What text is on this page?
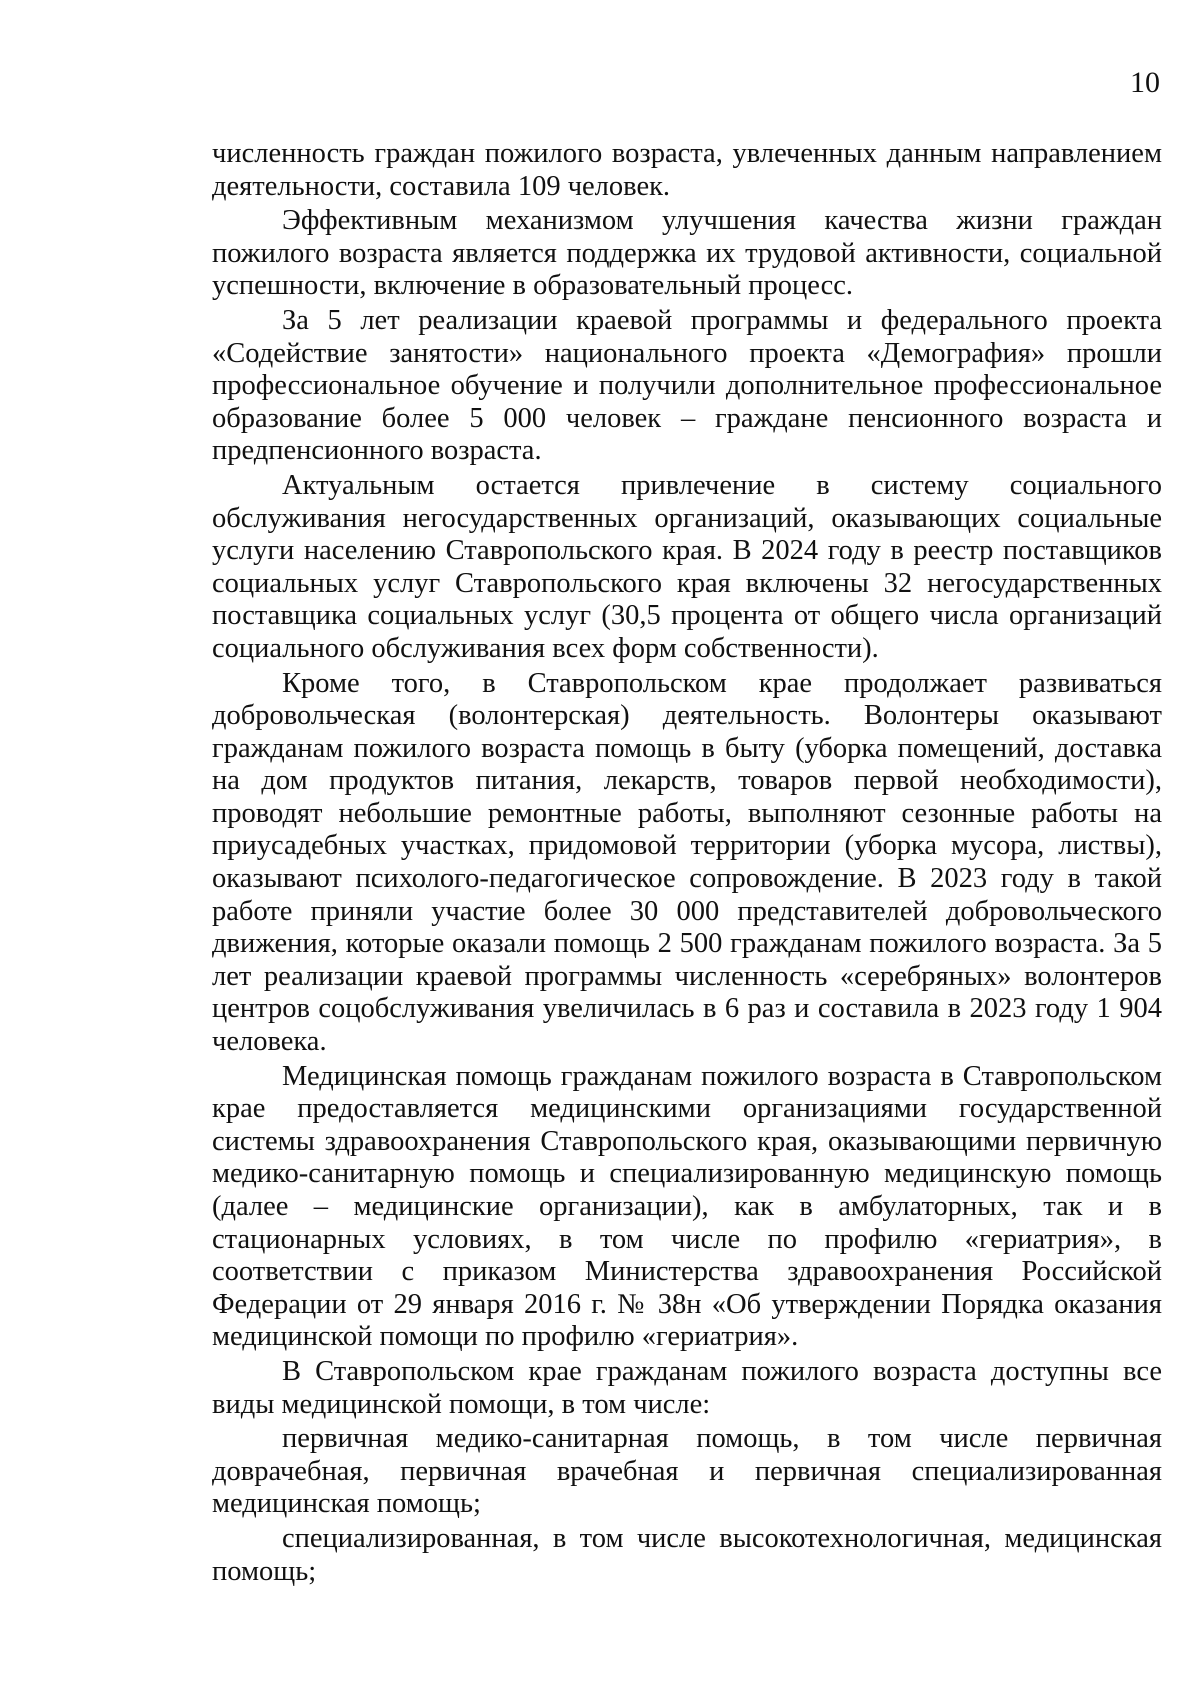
10

численность граждан пожилого возраста, увлеченных данным направлением деятельности, составила 109 человек.

Эффективным механизмом улучшения качества жизни граждан пожилого возраста является поддержка их трудовой активности, социальной успешности, включение в образовательный процесс.

За 5 лет реализации краевой программы и федерального проекта «Содействие занятости» национального проекта «Демография» прошли профессиональное обучение и получили дополнительное профессиональное образование более 5 000 человек – граждане пенсионного возраста и предпенсионного возраста.

Актуальным остается привлечение в систему социального обслуживания негосударственных организаций, оказывающих социальные услуги населению Ставропольского края. В 2024 году в реестр поставщиков социальных услуг Ставропольского края включены 32 негосударственных поставщика социальных услуг (30,5 процента от общего числа организаций социального обслуживания всех форм собственности).

Кроме того, в Ставропольском крае продолжает развиваться добровольческая (волонтерская) деятельность. Волонтеры оказывают гражданам пожилого возраста помощь в быту (уборка помещений, доставка на дом продуктов питания, лекарств, товаров первой необходимости), проводят небольшие ремонтные работы, выполняют сезонные работы на приусадебных участках, придомовой территории (уборка мусора, листвы), оказывают психолого-педагогическое сопровождение. В 2023 году в такой работе приняли участие более 30 000 представителей добровольческого движения, которые оказали помощь 2 500 гражданам пожилого возраста. За 5 лет реализации краевой программы численность «серебряных» волонтеров центров соцобслуживания увеличилась в 6 раз и составила в 2023 году 1 904 человека.

Медицинская помощь гражданам пожилого возраста в Ставропольском крае предоставляется медицинскими организациями государственной системы здравоохранения Ставропольского края, оказывающими первичную медико-санитарную помощь и специализированную медицинскую помощь (далее – медицинские организации), как в амбулаторных, так и в стационарных условиях, в том числе по профилю «гериатрия», в соответствии с приказом Министерства здравоохранения Российской Федерации от 29 января 2016 г. № 38н «Об утверждении Порядка оказания медицинской помощи по профилю «гериатрия».

В Ставропольском крае гражданам пожилого возраста доступны все виды медицинской помощи, в том числе:

первичная медико-санитарная помощь, в том числе первичная доврачебная, первичная врачебная и первичная специализированная медицинская помощь;

специализированная, в том числе высокотехнологичная, медицинская помощь;
